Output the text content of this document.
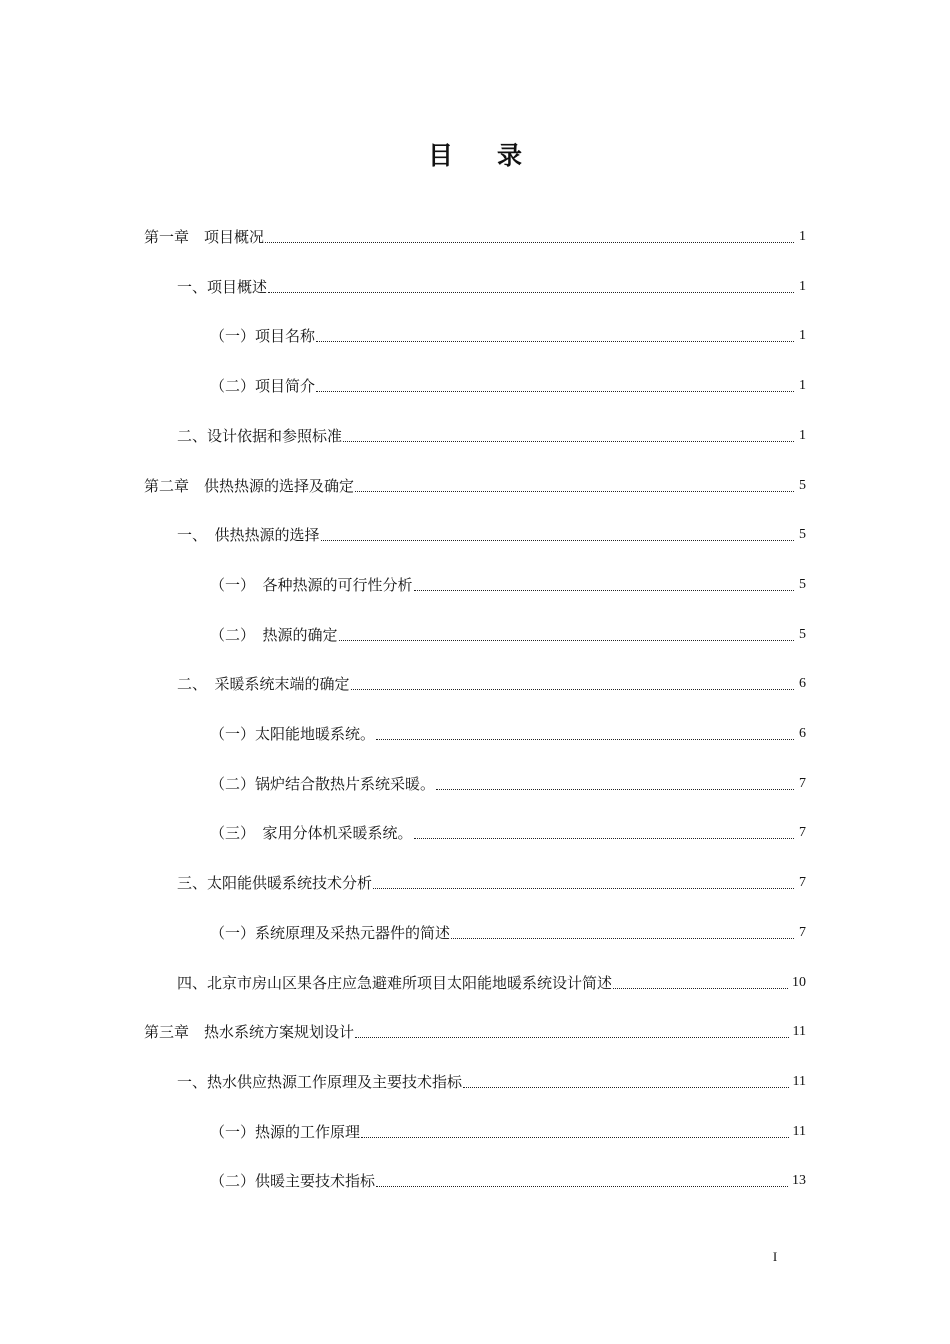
目录
第一章　项目概况	1
一、项目概述	1
（一）项目名称	1
（二）项目简介	1
二、设计依据和参照标准	1
第二章　供热热源的选择及确定	5
一、　供热热源的选择	5
（一）　各种热源的可行性分析	5
（二）　热源的确定	5
二、　采暖系统末端的确定	6
（一）太阳能地暖系统。	6
（二）锅炉结合散热片系统采暖。	7
（三）　家用分体机采暖系统。	7
三、太阳能供暖系统技术分析	7
（一）系统原理及采热元器件的简述	7
四、北京市房山区果各庄应急避难所项目太阳能地暖系统设计简述	10
第三章　热水系统方案规划设计	11
一、热水供应热源工作原理及主要技术指标	11
（一）热源的工作原理	11
（二）供暖主要技术指标	13
I
